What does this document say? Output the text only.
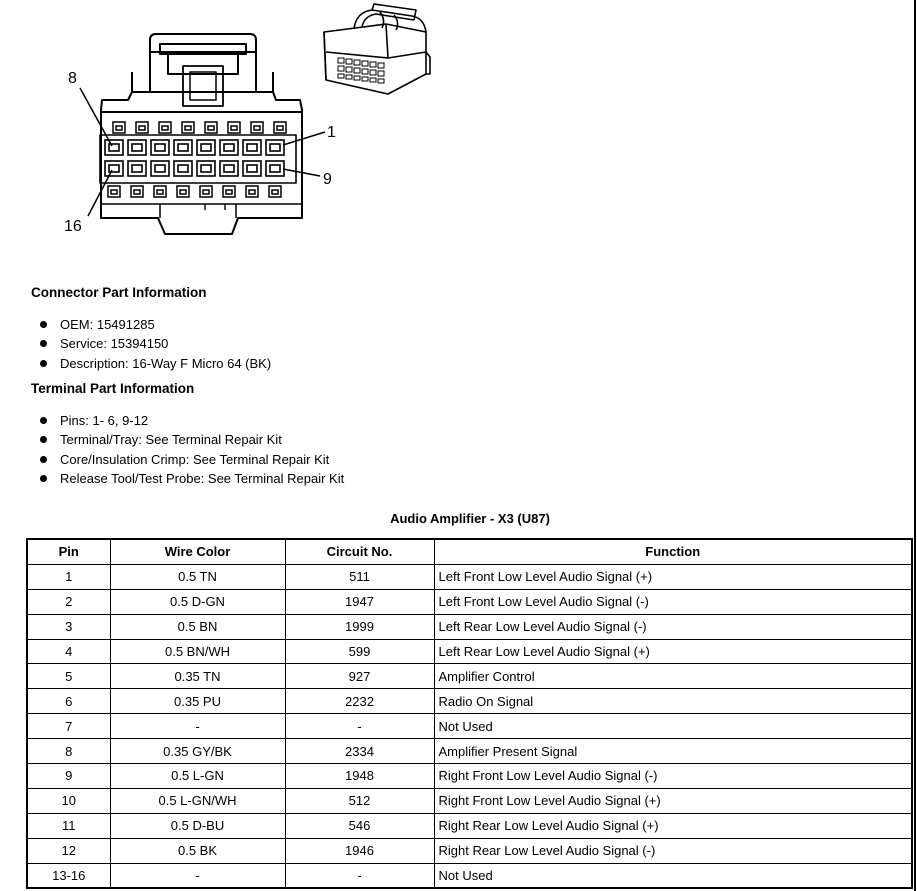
8
1
9
16
Connector Part Information
OEM: 15491285
Service: 15394150
Description: 16-Way F Micro 64 (BK)
Terminal Part Information
Pins: 1- 6, 9-12
Terminal/Tray: See Terminal Repair Kit
Core/Insulation Crimp: See Terminal Repair Kit
Release Tool/Test Probe: See Terminal Repair Kit
Audio Amplifier - X3 (U87)
Pin	Wire Color	Circuit No.	Function
1	0.5 TN	511	Left Front Low Level Audio Signal (+)
2	0.5 D-GN	1947	Left Front Low Level Audio Signal (-)
3	0.5 BN	1999	Left Rear Low Level Audio Signal (-)
4	0.5 BN/WH	599	Left Rear Low Level Audio Signal (+)
5	0.35 TN	927	Amplifier Control
6	0.35 PU	2232	Radio On Signal
7	-	-	Not Used
8	0.35 GY/BK	2334	Amplifier Present Signal
9	0.5 L-GN	1948	Right Front Low Level Audio Signal (-)
10	0.5 L-GN/WH	512	Right Front Low Level Audio Signal (+)
11	0.5 D-BU	546	Right Rear Low Level Audio Signal (+)
12	0.5 BK	1946	Right Rear Low Level Audio Signal (-)
13-16	-	-	Not Used
